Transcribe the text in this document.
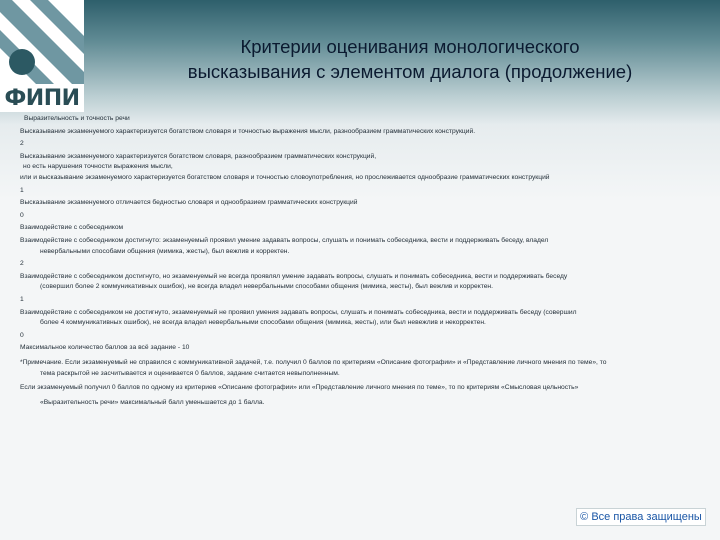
ФИПИ
Критерии оценивания монологического
высказывания с элементом диалога (продолжение)

Выразительность и точность речи

Высказывание экзаменуемого характеризуется богатством словаря и точностью выражения мысли, разнообразием грамматических конструкций.

2

Высказывание экзаменуемого характеризуется богатством словаря, разнообразием грамматических конструкций,

но есть нарушения точности выражения мысли,

или и высказывание экзаменуемого характеризуется богатством словаря и точностью словоупотребления, но прослеживается однообразие грамматических конструкций

1

Высказывание экзаменуемого отличается бедностью словаря и однообразием грамматических конструкций

0

Взаимодействие с собеседником

Взаимодействие с собеседником достигнуто: экзаменуемый проявил умение задавать вопросы, слушать и понимать собеседника, вести и поддерживать беседу, владел

невербальными способами общения (мимика, жесты), был вежлив и корректен.

2

Взаимодействие с собеседником достигнуто, но экзаменуемый не всегда проявлял умение задавать вопросы, слушать и понимать собеседника, вести и поддерживать беседу

(совершил более 2 коммуникативных ошибок), не всегда владел невербальными способами общения (мимика, жесты), был вежлив и корректен.

1

Взаимодействие с собеседником не достигнуто, экзаменуемый не проявил умения задавать вопросы, слушать и понимать собеседника, вести и поддерживать беседу (совершил

более 4 коммуникативных ошибок), не всегда владел невербальными способами общения (мимика, жесты), или был невежлив и некорректен.

0

Максимальное количество баллов за всё задание - 10

*Примечание. Если экзаменуемый не справился с коммуникативной задачей, т.е. получил 0 баллов по критериям «Описание фотографии» и «Представление личного мнения по теме», то

тема раскрытой не засчитывается и оценивается 0 баллов, задание считается невыполненным.

Если экзаменуемый получил 0 баллов по одному из критериев «Описание фотографии» или «Представление личного мнения по теме», то по критериям «Смысловая цельность»

«Выразительность речи» максимальный балл уменьшается до 1 балла.

© Все права защищены
